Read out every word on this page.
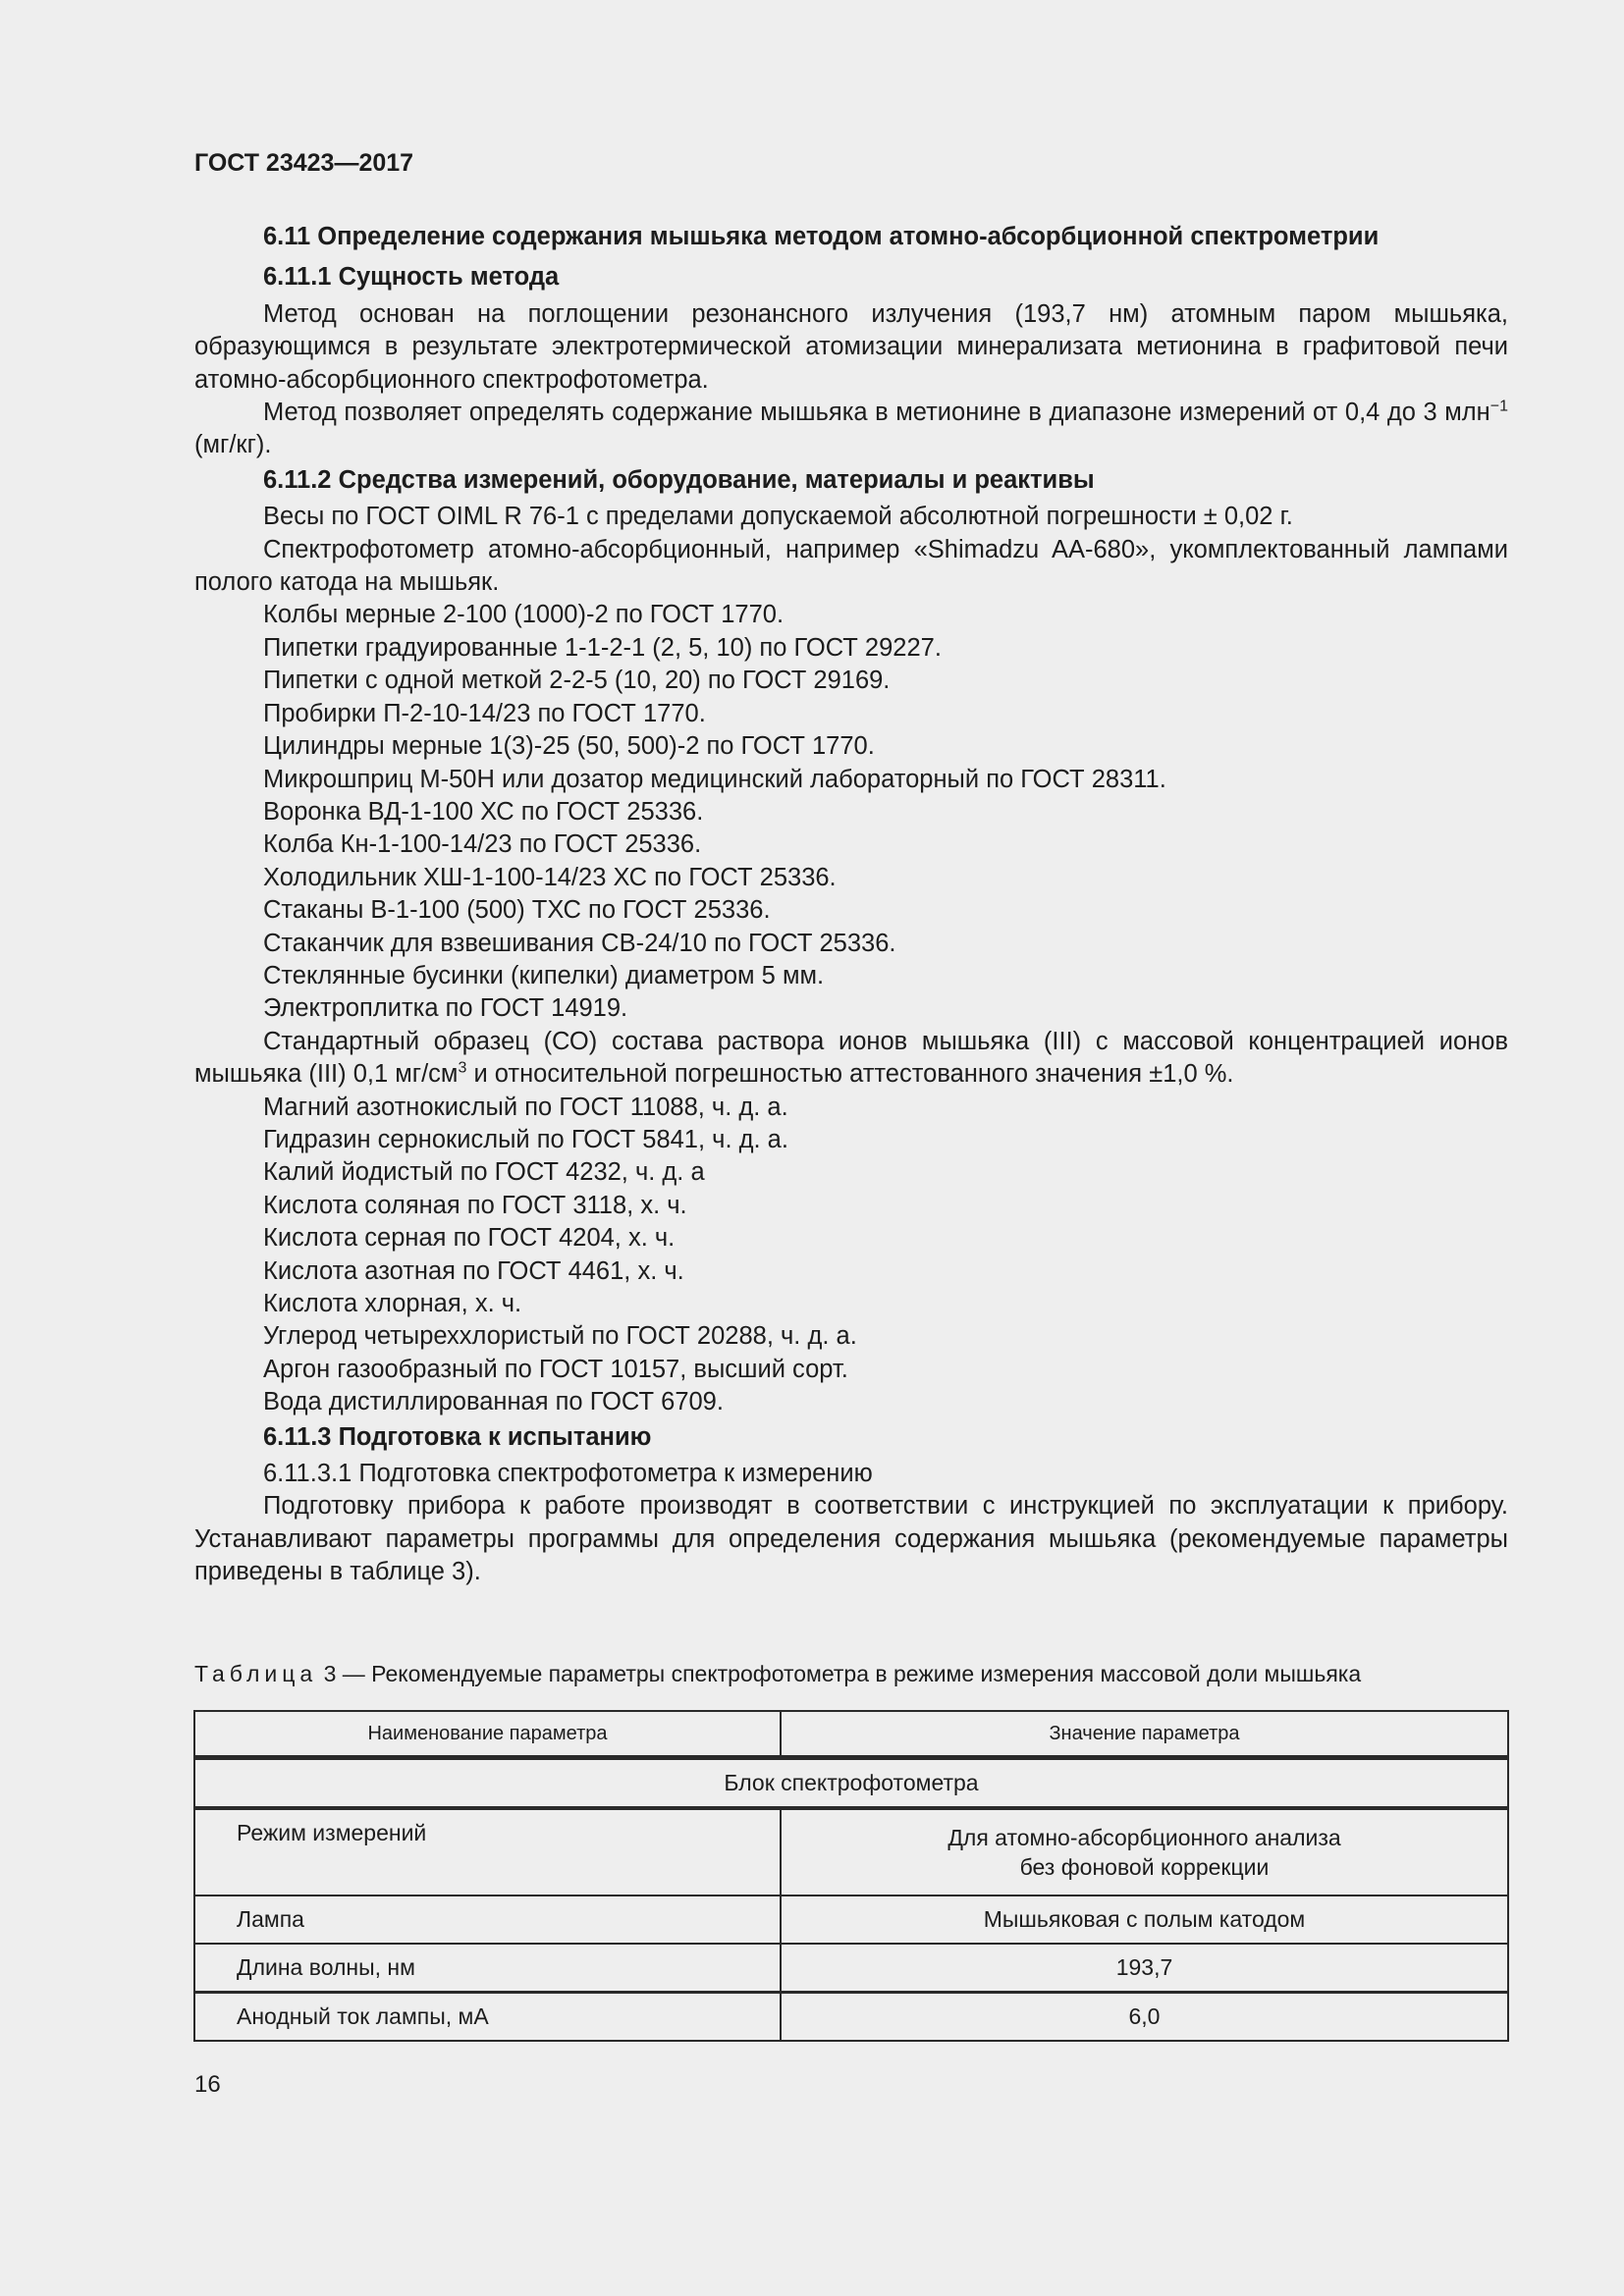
ГОСТ 23423—2017
6.11 Определение содержания мышьяка методом атомно-абсорбционной спектрометрии
6.11.1 Сущность метода
Метод основан на поглощении резонансного излучения (193,7 нм) атомным паром мышьяка, образующимся в результате электротермической атомизации минерализата метионина в графитовой печи атомно-абсорбционного спектрофотометра.
Метод позволяет определять содержание мышьяка в метионине в диапазоне измерений от 0,4 до 3 млн$^{-1}$ (мг/кг).
6.11.2 Средства измерений, оборудование, материалы и реактивы
Весы по ГОСТ OIML R 76-1 с пределами допускаемой абсолютной погрешности ± 0,02 г.
Спектрофотометр атомно-абсорбционный, например «Shimadzu AA-680», укомплектованный лампами полого катода на мышьяк.
Колбы мерные 2-100 (1000)-2 по ГОСТ 1770.
Пипетки градуированные 1-1-2-1 (2, 5, 10) по ГОСТ 29227.
Пипетки с одной меткой 2-2-5 (10, 20) по ГОСТ 29169.
Пробирки П-2-10-14/23 по ГОСТ 1770.
Цилиндры мерные 1(3)-25 (50, 500)-2 по ГОСТ 1770.
Микрошприц М-50Н или дозатор медицинский лабораторный по ГОСТ 28311.
Воронка ВД-1-100 ХС по ГОСТ 25336.
Колба Кн-1-100-14/23 по ГОСТ 25336.
Холодильник ХШ-1-100-14/23 ХС по ГОСТ 25336.
Стаканы В-1-100 (500) ТХС по ГОСТ 25336.
Стаканчик для взвешивания СВ-24/10 по ГОСТ 25336.
Стеклянные бусинки (кипелки) диаметром 5 мм.
Электроплитка по ГОСТ 14919.
Стандартный образец (СО) состава раствора ионов мышьяка (III) с массовой концентрацией ионов мышьяка (III) 0,1 $мг/см^3$ и относительной погрешностью аттестованного значения ±1,0 %.
Магний азотнокислый по ГОСТ 11088, ч. д. а.
Гидразин сернокислый по ГОСТ 5841, ч. д. а.
Калий йодистый по ГОСТ 4232, ч. д. а
Кислота соляная по ГОСТ 3118, х. ч.
Кислота серная по ГОСТ 4204, х. ч.
Кислота азотная по ГОСТ 4461, х. ч.
Кислота хлорная, х. ч.
Углерод четыреххлористый по ГОСТ 20288, ч. д. а.
Аргон газообразный по ГОСТ 10157, высший сорт.
Вода дистиллированная по ГОСТ 6709.
6.11.3 Подготовка к испытанию
6.11.3.1 Подготовка спектрофотометра к измерению
Подготовку прибора к работе производят в соответствии с инструкцией по эксплуатации к прибору. Устанавливают параметры программы для определения содержания мышьяка (рекомендуемые параметры приведены в таблице 3).
Таблица 3 — Рекомендуемые параметры спектрофотометра в режиме измерения массовой доли мышьяка
Наименование параметра	Значение параметра
Блок спектрофотометра	
Режим измерений	Для атомно-абсорбционного анализа
без фоновой коррекции

Лампа	Мышьяковая с полым катодом
Длина волны, нм	193,7
Анодный ток лампы, мА	6,0
16
